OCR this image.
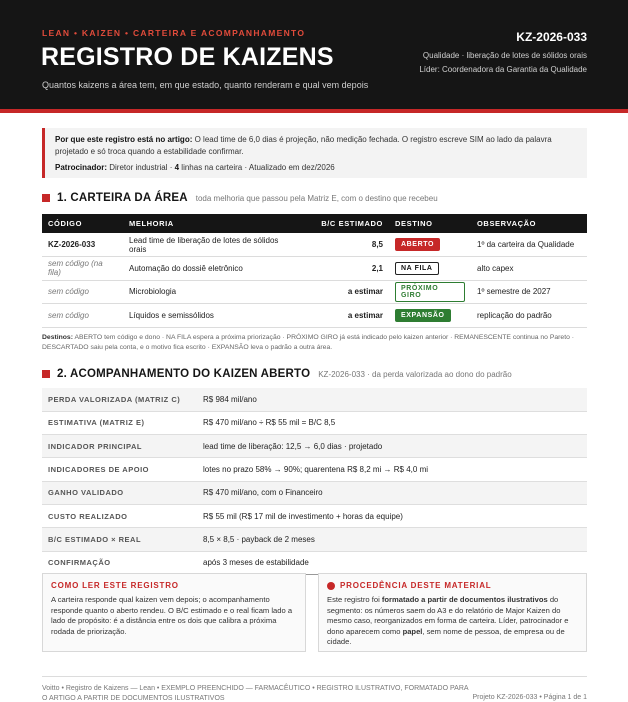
LEAN • KAIZEN • CARTEIRA E ACOMPANHAMENTO
REGISTRO DE KAIZENS
Quantos kaizens a área tem, em que estado, quanto renderam e qual vem depois
KZ-2026-033
Qualidade · liberação de lotes de sólidos orais
Líder: Coordenadora da Garantia da Qualidade
Por que este registro está no artigo: O lead time de 6,0 dias é projeção, não medição fechada. O registro escreve SIM ao lado da palavra projetado e só troca quando a estabilidade confirmar.
Patrocinador: Diretor industrial · 4 linhas na carteira · Atualizado em dez/2026
1. CARTEIRA DA ÁREA toda melhoria que passou pela Matriz E, com o destino que recebeu
CÓDIGO	MELHORIA	B/C ESTIMADO	DESTINO	OBSERVAÇÃO
KZ-2026-033	Lead time de liberação de lotes de sólidos orais	8,5	ABERTO	1º da carteira da Qualidade
sem código (na fila)	Automação do dossiê eletrônico	2,1	NA FILA	alto capex
sem código	Microbiologia	a estimar	PRÓXIMO GIRO	1º semestre de 2027
sem código	Líquidos e semissólidos	a estimar	EXPANSÃO	replicação do padrão
Destinos: ABERTO tem código e dono · NA FILA espera a próxima priorização · PRÓXIMO GIRO já está indicado pelo kaizen anterior · REMANESCENTE continua no Pareto · DESCARTADO saiu pela conta, e o motivo fica escrito · EXPANSÃO leva o padrão a outra área.
2. ACOMPANHAMENTO DO KAIZEN ABERTO KZ-2026-033 · da perda valorizada ao dono do padrão
PERDA VALORIZADA (MATRIZ C)	R$ 984 mil/ano
ESTIMATIVA (MATRIZ E)	R$ 470 mil/ano ÷ R$ 55 mil = B/C 8,5
INDICADOR PRINCIPAL	lead time de liberação: 12,5 → 6,0 dias · projetado
INDICADORES DE APOIO	lotes no prazo 58% → 90%; quarentena R$ 8,2 mi → R$ 4,0 mi
GANHO VALIDADO	R$ 470 mil/ano, com o Financeiro
CUSTO REALIZADO	R$ 55 mil (R$ 17 mil de investimento + horas da equipe)
B/C ESTIMADO × REAL	8,5 × 8,5 · payback de 2 meses
CONFIRMAÇÃO	após 3 meses de estabilidade
COMO LER ESTE REGISTRO
A carteira responde qual kaizen vem depois; o acompanhamento responde quanto o aberto rendeu. O B/C estimado e o real ficam lado a lado de propósito: é a distância entre os dois que calibra a próxima rodada de priorização.
PROCEDÊNCIA DESTE MATERIAL
Este registro foi formatado a partir de documentos ilustrativos do segmento: os números saem do A3 e do relatório de Major Kaizen do mesmo caso, reorganizados em forma de carteira. Líder, patrocinador e dono aparecem como papel, sem nome de pessoa, de empresa ou de cidade.
Voitto • Registro de Kaizens — Lean • EXEMPLO PREENCHIDO — FARMACÊUTICO • REGISTRO ILUSTRATIVO, FORMATADO PARA O ARTIGO A PARTIR DE DOCUMENTOS ILUSTRATIVOS	Projeto KZ-2026-033 • Página 1 de 1
